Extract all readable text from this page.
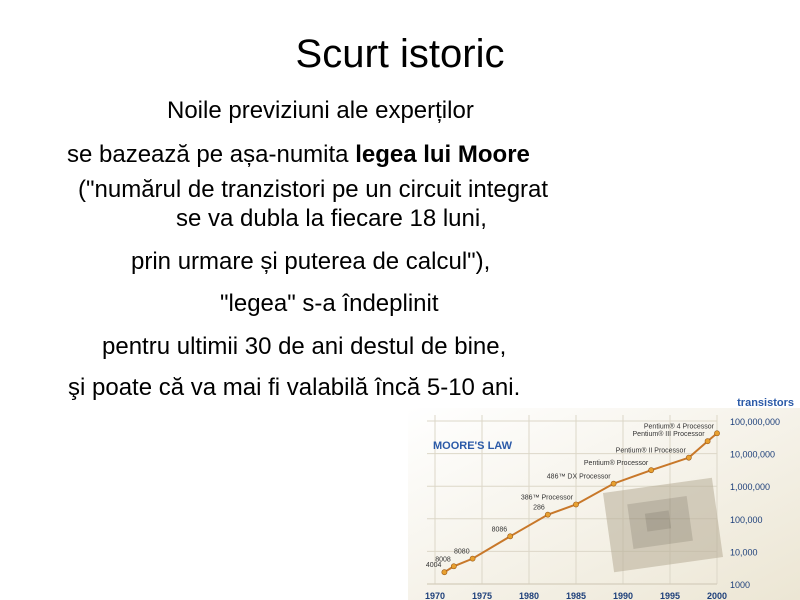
Scurt istoric
Noile previziuni ale experților
se bazează pe așa-numita legea lui Moore
("numărul de tranzistori pe un circuit integrat
se va dubla la fiecare 18 luni,
prin urmare și puterea de calcul"),
"legea" s-a îndeplinit
pentru ultimii 30 de ani destul de bine,
şi poate că va mai fi valabilă încă 5-10 ani.
MOORE'S LAW
transistors
4004
8008
8080
8086
286
386™ Processor
486™ DX Processor
Pentium® Processor
Pentium® II Processor
Pentium® III Processor
Pentium® 4 Processor
1970	1975	1980	1985	1990	1995	2000
1000
10,000
100,000
1,000,000
10,000,000
100,000,000
